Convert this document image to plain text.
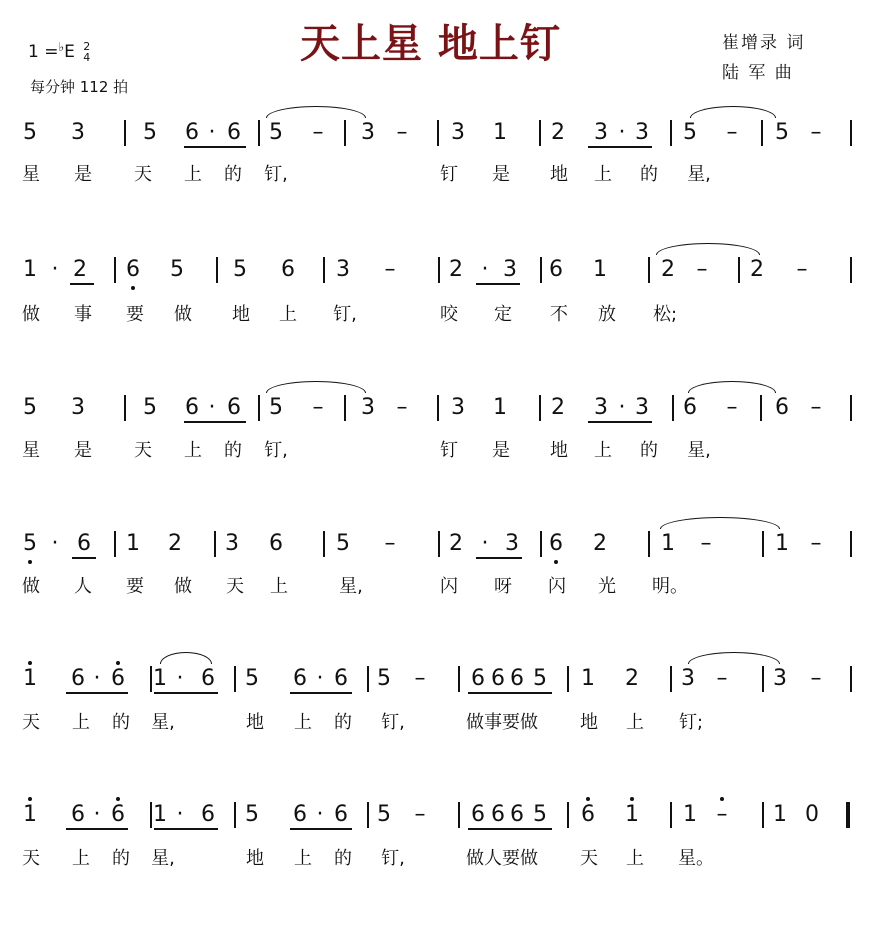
天上星 地上钉
1 =♭E 2
4
每分钟 112 拍
崔增录 词
陆 军 曲
5 3	5 6 · 6 5 – 3 – 3 1 2 3 · 3 5 – 5 –
星 是 天 上 的 钉,	钉 是 地 上 的 星,
1 · 2 6 5 5 6 3 – 2 · 3 6 1 2 – 2 –
做 事 要 做 地 上 钉,	咬 定 不 放 松;
5 3	5 6 · 6 5 – 3 – 3 1 2 3 · 3 6 – 6 –
星 是 天 上 的 钉,	钉 是 地 上 的 星,
5 · 6 1 2 3 6 5 – 2 · 3 6 2 1 –	1 –
做 人 要 做 天 上	星,	闪 呀 闪 光 明。
1 6 · 6 1 · 6 5 6 · 6 5 – 6 6 6 5 1 2 3 – 3 –
天 上 的 星,	地 上 的 钉,	做事要做	地 上 钉;
1 6 · 6 1 · 6 5 6 · 6 5 – 6 6 6 5 6 1 1 – 1 0
天 上 的 星,	地 上 的 钉,	做人要做	天 上 星。
